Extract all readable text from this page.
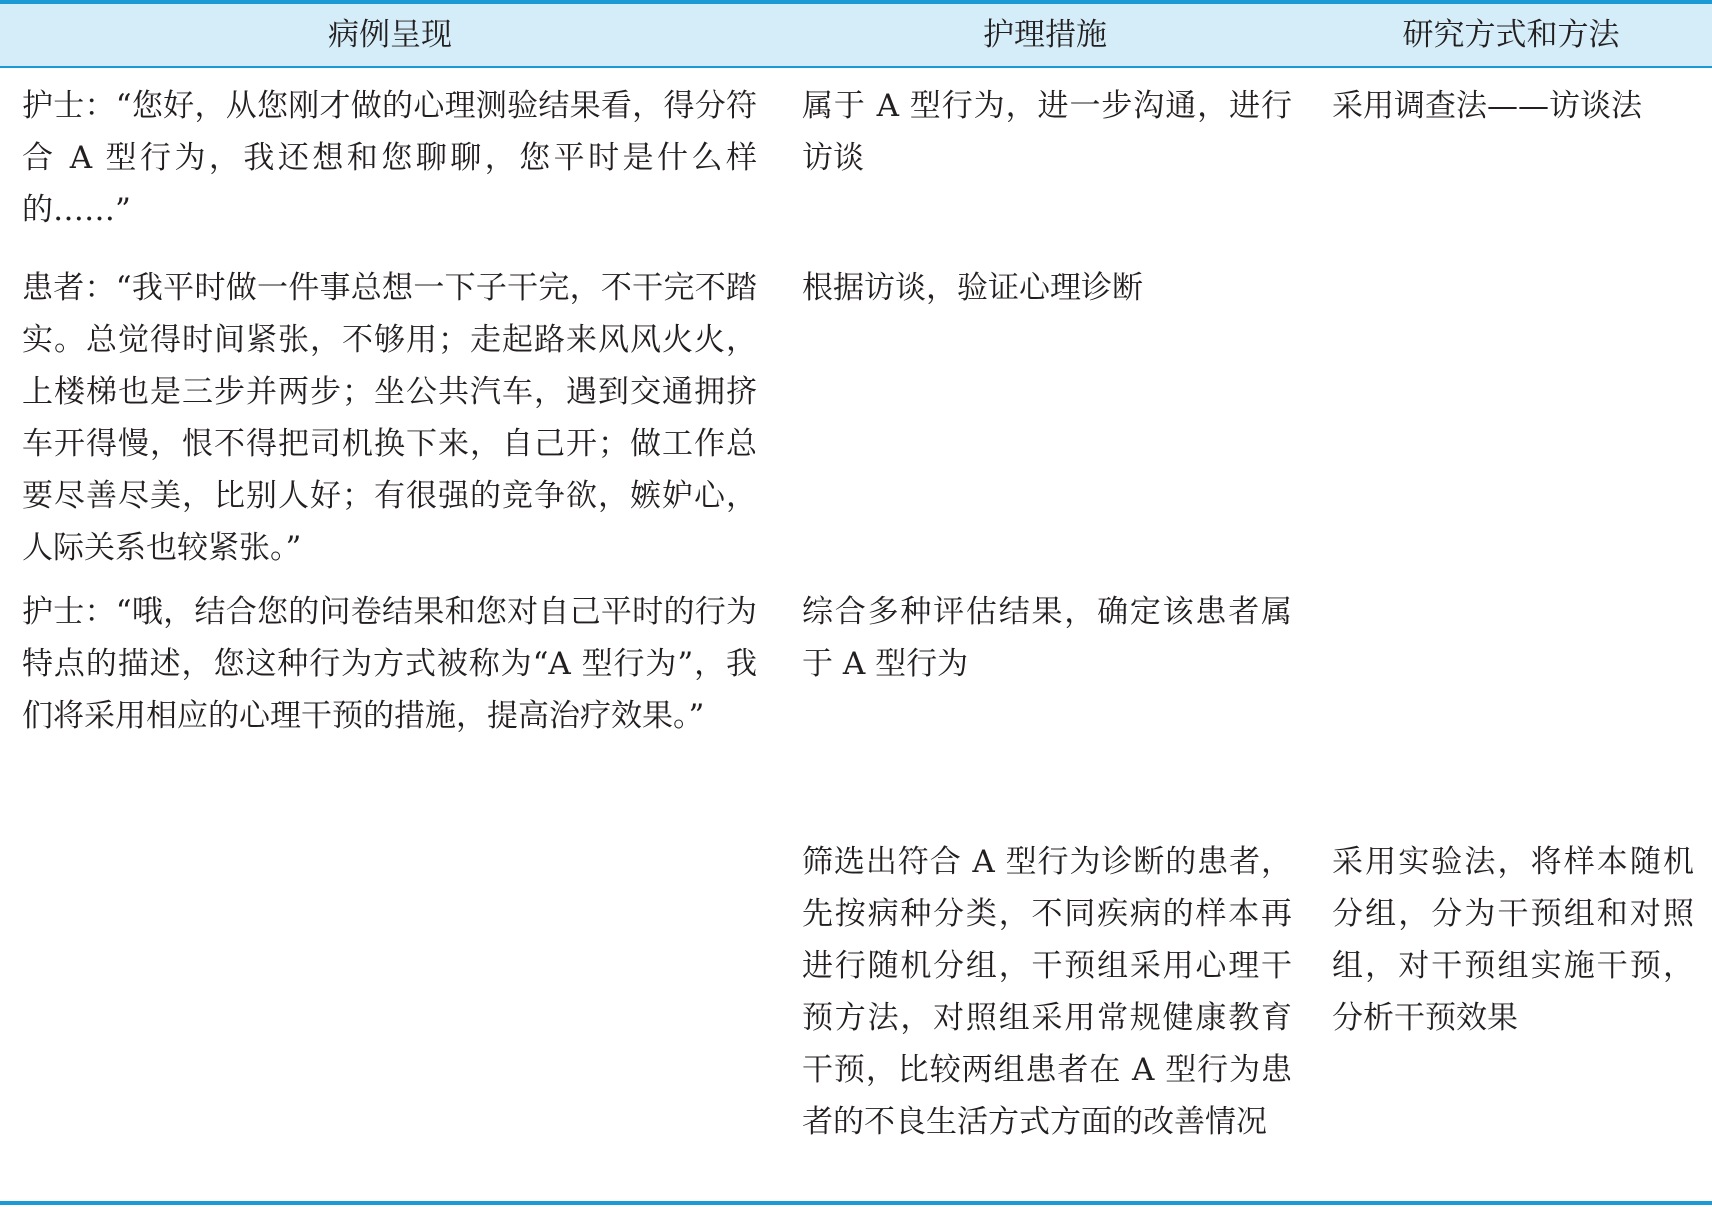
病例呈现	护理措施	研究方式和方法
护士：“您好，从您刚才做的心理测验结果看，得分符合 A 型行为，我还想和您聊聊，您平时是什么样的……”
属于 A 型行为，进一步沟通，进行访谈
采用调查法——访谈法
患者：“我平时做一件事总想一下子干完，不干完不踏实。总觉得时间紧张，不够用；走起路来风风火火，上楼梯也是三步并两步；坐公共汽车，遇到交通拥挤车开得慢，恨不得把司机换下来，自己开；做工作总要尽善尽美，比别人好；有很强的竞争欲，嫉妒心，人际关系也较紧张。”
根据访谈，验证心理诊断
护士：“哦，结合您的问卷结果和您对自己平时的行为特点的描述，您这种行为方式被称为“A 型行为”，我们将采用相应的心理干预的措施，提高治疗效果。”
综合多种评估结果，确定该患者属于 A 型行为
筛选出符合 A 型行为诊断的患者，先按病种分类，不同疾病的样本再进行随机分组，干预组采用心理干预方法，对照组采用常规健康教育干预，比较两组患者在 A 型行为患者的不良生活方式方面的改善情况
采用实验法，将样本随机分组，分为干预组和对照组，对干预组实施干预，分析干预效果
